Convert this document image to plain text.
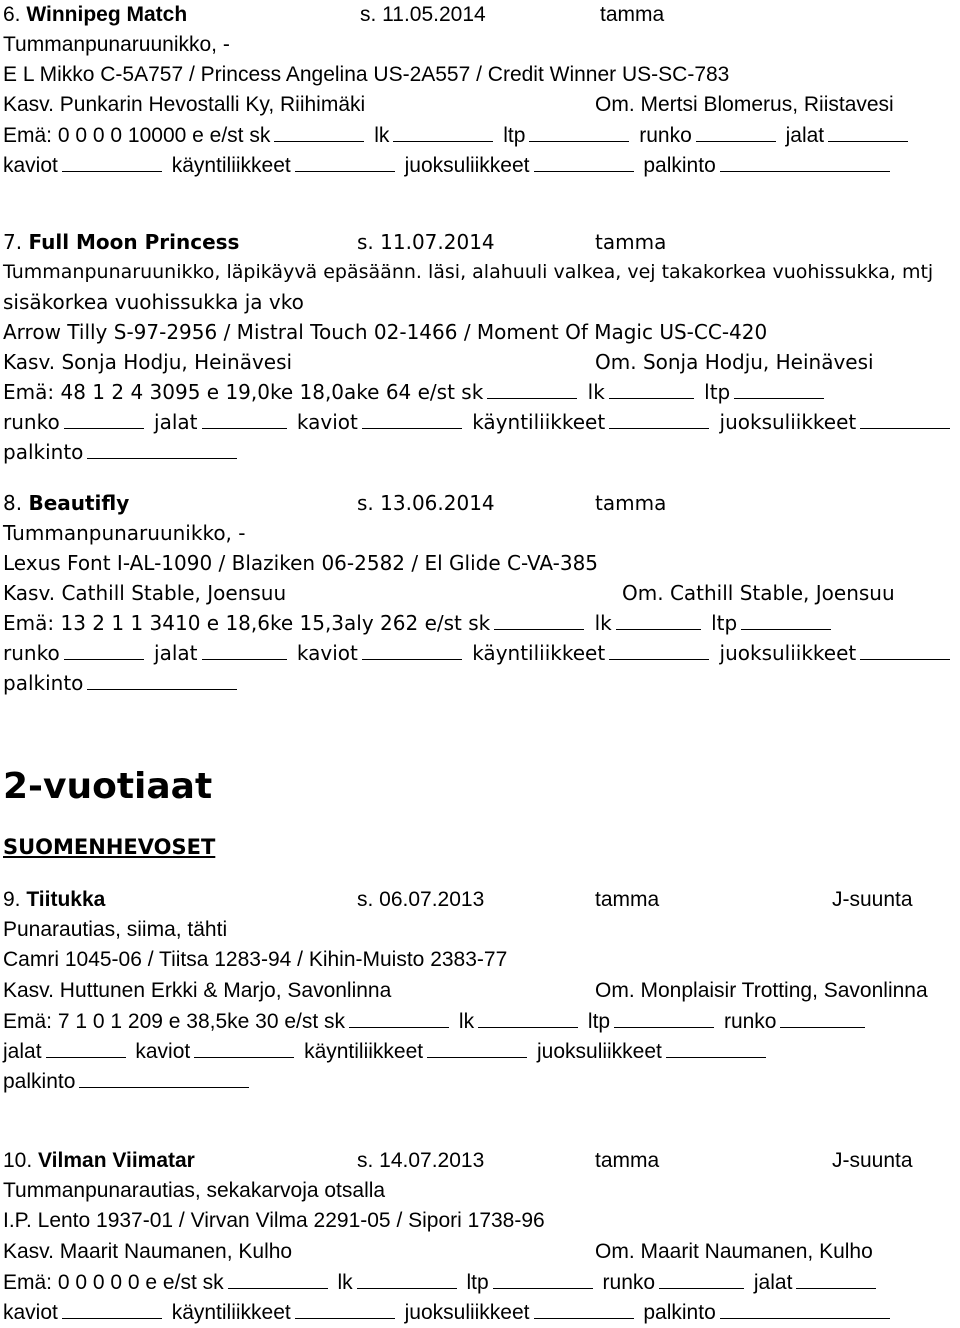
6. Winnipeg Match	s. 11.05.2014	tamma
Tummanpunaruunikko, -
E L Mikko C-5A757 / Princess Angelina US-2A557 / Credit Winner US-SC-783
Kasv. Punkarin Hevostalli Ky, Riihimäki	Om. Mertsi Blomerus, Riistavesi
Emä: 0 0 0 0 10000 e e/st sk	lk	ltp	runko	jalat
kaviot	käyntiliikkeet	juoksuliikkeet	palkinto
7. Full Moon Princess	s. 11.07.2014	tamma
Tummanpunaruunikko, läpikäyvä epäsäänn. läsi, alahuuli valkea, vej takakorkea vuohissukka, mtj
sisäkorkea vuohissukka ja vko
Arrow Tilly S-97-2956 / Mistral Touch 02-1466 / Moment Of Magic US-CC-420
Kasv. Sonja Hodju, Heinävesi	Om. Sonja Hodju, Heinävesi
Emä: 48 1 2 4 3095 e 19,0ke 18,0ake 64 e/st sk	lk	ltp
runko	jalat	kaviot	käyntiliikkeet	juoksuliikkeet
palkinto
8. Beautifly	s. 13.06.2014	tamma
Tummanpunaruunikko, -
Lexus Font I-AL-1090 / Blaziken 06-2582 / El Glide C-VA-385
Kasv. Cathill Stable, Joensuu	Om. Cathill Stable, Joensuu
Emä: 13 2 1 1 3410 e 18,6ke 15,3aly 262 e/st sk	lk	ltp
runko	jalat	kaviot	käyntiliikkeet	juoksuliikkeet
palkinto
2-vuotiaat
SUOMENHEVOSET
9. Tiitukka	s. 06.07.2013	tamma	J-suunta
Punarautias, siima, tähti
Camri 1045-06 / Tiitsa 1283-94 / Kihin-Muisto 2383-77
Kasv. Huttunen Erkki & Marjo, Savonlinna	Om. Monplaisir Trotting, Savonlinna
Emä: 7 1 0 1 209 e 38,5ke 30 e/st sk	lk	ltp	runko
jalat	kaviot	käyntiliikkeet	juoksuliikkeet
palkinto
10. Vilman Viimatar	s. 14.07.2013	tamma	J-suunta
Tummanpunarautias, sekakarvoja otsalla
I.P. Lento 1937-01 / Virvan Vilma 2291-05 / Sipori 1738-96
Kasv. Maarit Naumanen, Kulho	Om. Maarit Naumanen, Kulho
Emä: 0 0 0 0 0 e e/st sk	lk	ltp	runko	jalat
kaviot	käyntiliikkeet	juoksuliikkeet	palkinto
